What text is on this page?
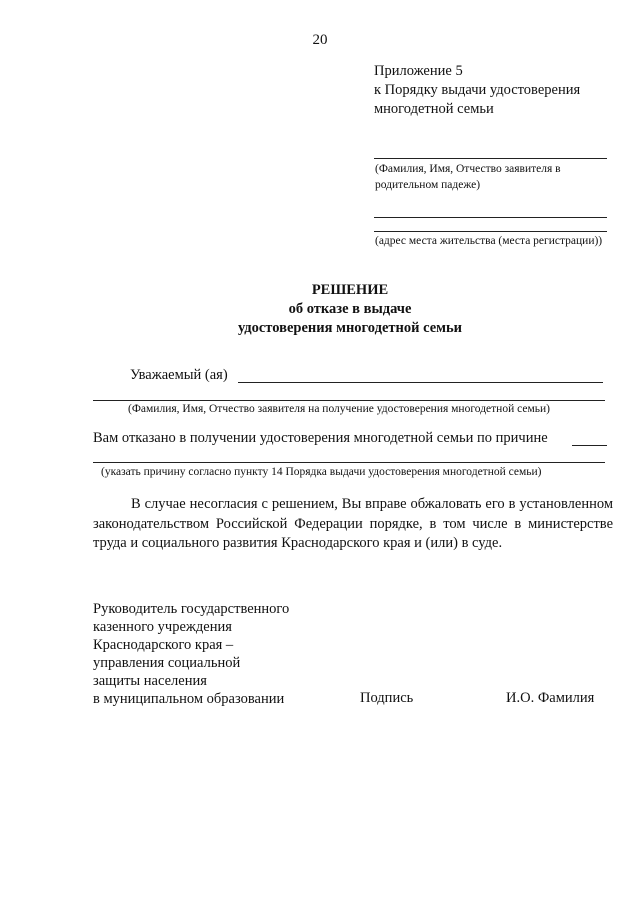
20
Приложение 5
к Порядку выдачи удостоверения
многодетной семьи
(Фамилия, Имя, Отчество заявителя в
родительном падеже)
(адрес места жительства (места регистрации))
РЕШЕНИЕ
об отказе в выдаче
удостоверения многодетной семьи
Уважаемый (ая)
(Фамилия, Имя, Отчество заявителя на получение удостоверения многодетной семьи)
Вам отказано в получении удостоверения многодетной семьи по причине
(указать причину согласно пункту 14 Порядка выдачи удостоверения многодетной семьи)
В случае несогласия с решением, Вы вправе обжаловать его в установленном законодательством Российской Федерации порядке, в том числе в министерстве труда и социального развития Краснодарского края и (или) в суде.
Руководитель государственного
казенного учреждения
Краснодарского края –
управления социальной
защиты населения
в муниципальном образовании	Подпись	И.О. Фамилия
